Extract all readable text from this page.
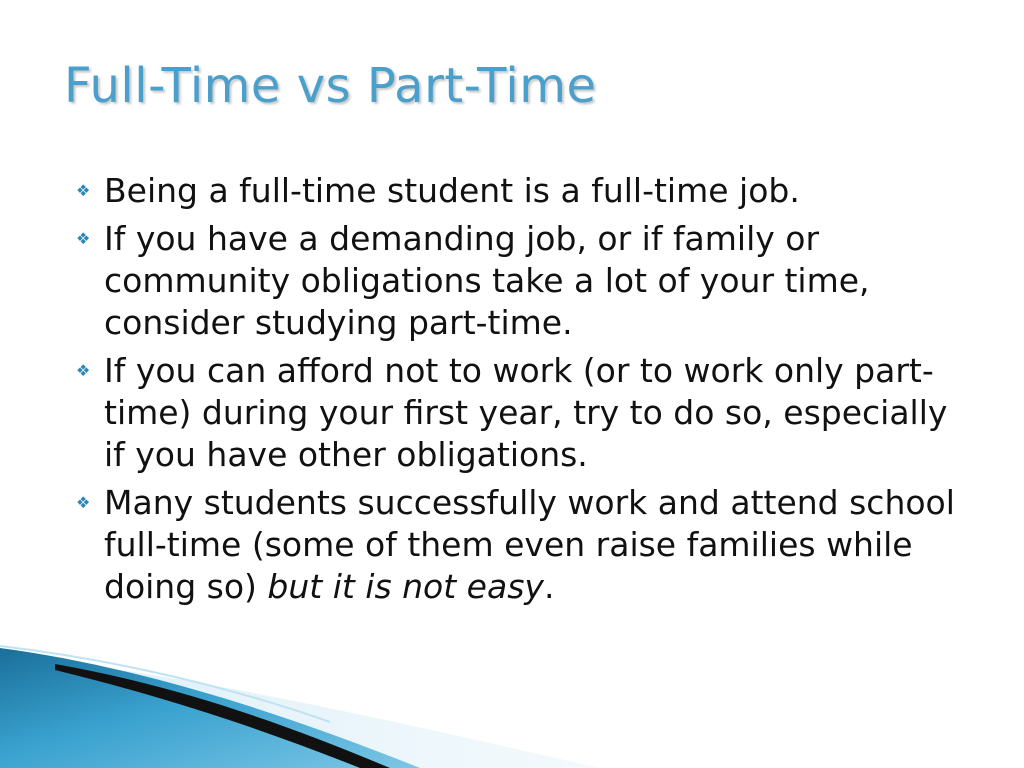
Full-Time vs Part-Time
❖ Being a full-time student is a full-time job.
❖ If you have a demanding job, or if family or community obligations take a lot of your time, consider studying part-time.
❖ If you can afford not to work (or to work only part-time) during your first year, try to do so, especially if you have other obligations.
❖ Many students successfully work and attend school full-time (some of them even raise families while doing so) but it is not easy.
